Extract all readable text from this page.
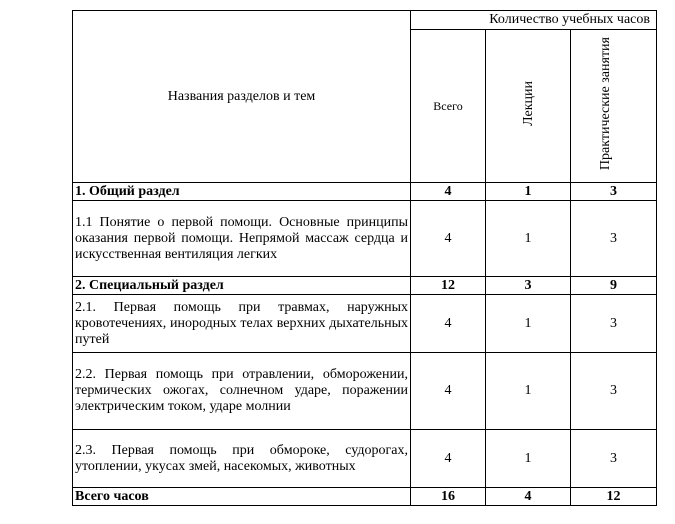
Названия разделов и тем	Количество учебных часов		
	Всего	Лекции	Практические занятия
1. Общий раздел	4	1	3
1.1 Понятие о первой помощи. Основные принципы оказания первой помощи. Непрямой массаж сердца и искусственная вентиляция легких	4	1	3
2. Специальный раздел	12	3	9
2.1. Первая помощь при травмах, наружных кровотечениях, инородных телах верхних дыхательных путей	4	1	3
2.2. Первая помощь при отравлении, обморожении, термических ожогах, солнечном ударе, поражении электрическим током, ударе молнии	4	1	3
2.3. Первая помощь при обмороке, судорогах, утоплении, укусах змей, насекомых, животных	4	1	3
Всего часов	16	4	12
